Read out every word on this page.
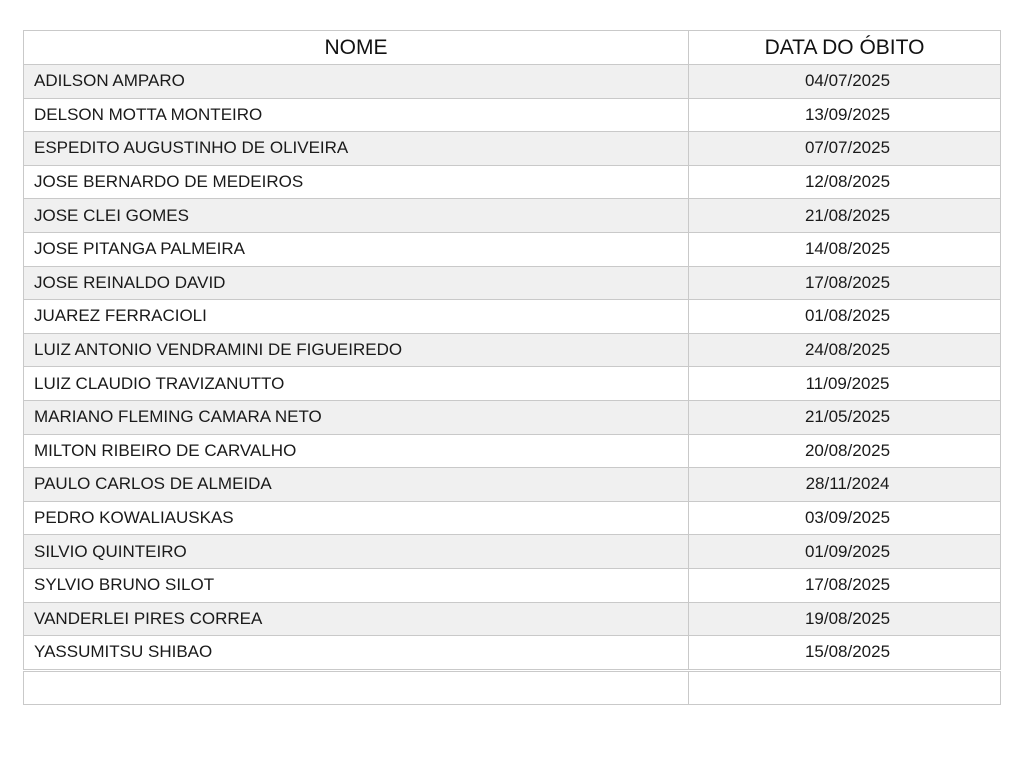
NOME	DATA DO ÓBITO
ADILSON AMPARO	04/07/2025
DELSON MOTTA MONTEIRO	13/09/2025
ESPEDITO AUGUSTINHO DE OLIVEIRA	07/07/2025
JOSE BERNARDO DE MEDEIROS	12/08/2025
JOSE CLEI GOMES	21/08/2025
JOSE PITANGA PALMEIRA	14/08/2025
JOSE REINALDO DAVID	17/08/2025
JUAREZ FERRACIOLI	01/08/2025
LUIZ ANTONIO VENDRAMINI DE FIGUEIREDO	24/08/2025
LUIZ CLAUDIO TRAVIZANUTTO	11/09/2025
MARIANO FLEMING CAMARA NETO	21/05/2025
MILTON RIBEIRO DE CARVALHO	20/08/2025
PAULO CARLOS DE ALMEIDA	28/11/2024
PEDRO KOWALIAUSKAS	03/09/2025
SILVIO QUINTEIRO	01/09/2025
SYLVIO BRUNO SILOT	17/08/2025
VANDERLEI PIRES CORREA	19/08/2025
YASSUMITSU SHIBAO	15/08/2025
